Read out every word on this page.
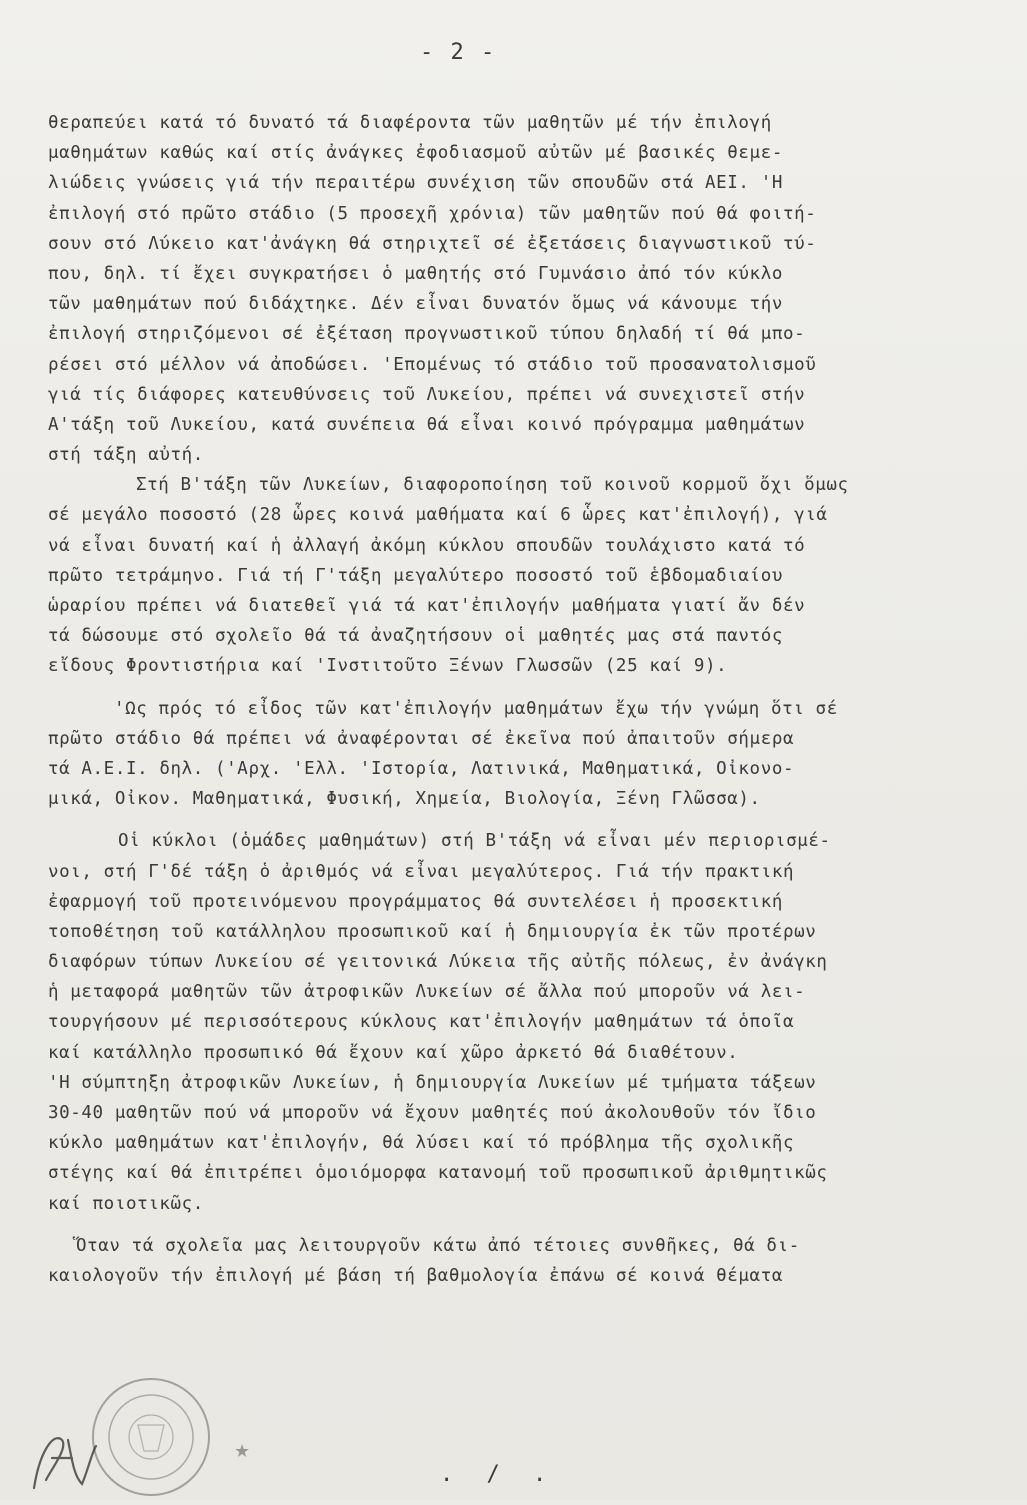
- 2 -
θεραπεύει κατά τό δυνατό τά διαφέροντα τῶν μαθητῶν μέ τήν ἐπιλογή
μαθημάτων καθώς καί στίς ἀνάγκες ἐφοδιασμοῦ αὐτῶν μέ βασικές θεμε-
λιώδεις γνώσεις γιά τήν περαιτέρω συνέχιση τῶν σπουδῶν στά ΑΕΙ. 'Η
ἐπιλογή στό πρῶτο στάδιο (5 προσεχῆ χρόνια) τῶν μαθητῶν πού θά φοιτή-
σουν στό Λύκειο κατ'ἀνάγκη θά στηριχτεῖ σέ ἐξετάσεις διαγνωστικοῦ τύ-
που, δηλ. τί ἔχει συγκρατήσει ὁ μαθητής στό Γυμνάσιο ἀπό τόν κύκλο
τῶν μαθημάτων πού διδάχτηκε. Δέν εἶναι δυνατόν ὅμως νά κάνουμε τήν
ἐπιλογή στηριζόμενοι σέ ἐξέταση προγνωστικοῦ τύπου δηλαδή τί θά μπο-
ρέσει στό μέλλον νά ἀποδώσει. 'Επομένως τό στάδιο τοῦ προσανατολισμοῦ
γιά τίς διάφορες κατευθύνσεις τοῦ Λυκείου, πρέπει νά συνεχιστεῖ στήν
Α'τάξη τοῦ Λυκείου, κατά συνέπεια θά εἶναι κοινό πρόγραμμα μαθημάτων
στή τάξη αὐτή.
Στή Β'τάξη τῶν Λυκείων, διαφοροποίηση τοῦ κοινοῦ κορμοῦ ὄχι ὅμως
σέ μεγάλο ποσοστό (28 ὧρες κοινά μαθήματα καί 6 ὧρες κατ'ἐπιλογή), γιά
νά εἶναι δυνατή καί ἡ ἀλλαγή ἀκόμη κύκλου σπουδῶν τουλάχιστο κατά τό
πρῶτο τετράμηνο. Γιά τή Γ'τάξη μεγαλύτερο ποσοστό τοῦ ἑβδομαδιαίου
ὡραρίου πρέπει νά διατεθεῖ γιά τά κατ'ἐπιλογήν μαθήματα γιατί ἄν δέν
τά δώσουμε στό σχολεῖο θά τά ἀναζητήσουν οἱ μαθητές μας στά παντός
εἴδους Φροντιστήρια καί 'Ινστιτοῦτο Ξένων Γλωσσῶν (25 καί 9).
'Ως πρός τό εἶδος τῶν κατ'ἐπιλογήν μαθημάτων ἔχω τήν γνώμη ὅτι σέ
πρῶτο στάδιο θά πρέπει νά ἀναφέρονται σέ ἐκεῖνα πού ἀπαιτοῦν σήμερα
τά Α.Ε.Ι. δηλ. ('Αρχ. 'Ελλ. 'Ιστορία, Λατινικά, Μαθηματικά, Οἰκονο-
μικά, Οἰκον. Μαθηματικά, Φυσική, Χημεία, Βιολογία, Ξένη Γλῶσσα).
Οἱ κύκλοι (ὁμάδες μαθημάτων) στή Β'τάξη νά εἶναι μέν περιορισμέ-
νοι, στή Γ'δέ τάξη ὁ ἀριθμός νά εἶναι μεγαλύτερος. Γιά τήν πρακτική
ἐφαρμογή τοῦ προτεινόμενου προγράμματος θά συντελέσει ἡ προσεκτική
τοποθέτηση τοῦ κατάλληλου προσωπικοῦ καί ἡ δημιουργία ἐκ τῶν προτέρων
διαφόρων τύπων Λυκείου σέ γειτονικά Λύκεια τῆς αὐτῆς πόλεως, ἐν ἀνάγκη
ἡ μεταφορά μαθητῶν τῶν ἀτροφικῶν Λυκείων σέ ἄλλα πού μποροῦν νά λει-
τουργήσουν μέ περισσότερους κύκλους κατ'ἐπιλογήν μαθημάτων τά ὁποῖα
καί κατάλληλο προσωπικό θά ἔχουν καί χῶρο ἀρκετό θά διαθέτουν.
'Η σύμπτηξη ἀτροφικῶν Λυκείων, ἡ δημιουργία Λυκείων μέ τμήματα τάξεων
30-40 μαθητῶν πού νά μποροῦν νά ἔχουν μαθητές πού ἀκολουθοῦν τόν ἴδιο
κύκλο μαθημάτων κατ'ἐπιλογήν, θά λύσει καί τό πρόβλημα τῆς σχολικῆς
στέγης καί θά ἐπιτρέπει ὁμοιόμορφα κατανομή τοῦ προσωπικοῦ ἀριθμητικῶς
καί ποιοτικῶς.
Ὅταν τά σχολεῖα μας λειτουργοῦν κάτω ἀπό τέτοιες συνθῆκες, θά δι-
καιολογοῦν τήν ἐπιλογή μέ βάση τή βαθμολογία ἐπάνω σέ κοινά θέματα
★
. / .
